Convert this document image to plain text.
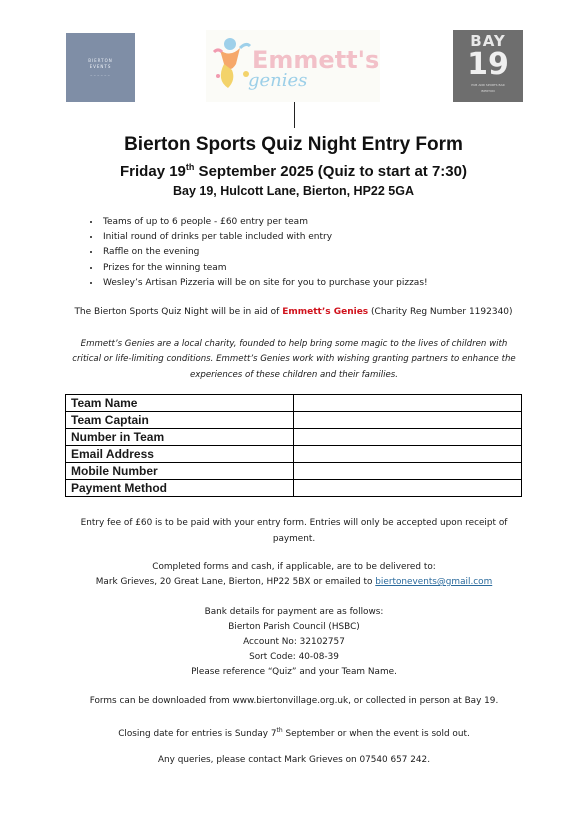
BIERTON
EVENTS
~~~~~~
Emmett's
genies
BAY
19
PUB AND SPORTS BAR
BIERTON
Bierton Sports Quiz Night Entry Form
Friday 19th September 2025 (Quiz to start at 7:30)
Bay 19, Hulcott Lane, Bierton, HP22 5GA
• Teams of up to 6 people - £60 entry per team
• Initial round of drinks per table included with entry
• Raffle on the evening
• Prizes for the winning team
• Wesley’s Artisan Pizzeria will be on site for you to purchase your pizzas!
The Bierton Sports Quiz Night will be in aid of Emmett’s Genies (Charity Reg Number 1192340)
Emmett’s Genies are a local charity, founded to help bring some magic to the lives of children with critical or life-limiting conditions. Emmett’s Genies work with wishing granting partners to enhance the experiences of these children and their families.
Team Name	
Team Captain	
Number in Team	
Email Address	
Mobile Number	
Payment Method	
Entry fee of £60 is to be paid with your entry form. Entries will only be accepted upon receipt of payment.
Completed forms and cash, if applicable, are to be delivered to:
Mark Grieves, 20 Great Lane, Bierton, HP22 5BX or emailed to biertonevents@gmail.com
Bank details for payment are as follows:
Bierton Parish Council (HSBC)
Account No: 32102757
Sort Code: 40-08-39
Please reference “Quiz” and your Team Name.
Forms can be downloaded from www.biertonvillage.org.uk, or collected in person at Bay 19.
Closing date for entries is Sunday 7th September or when the event is sold out.
Any queries, please contact Mark Grieves on 07540 657 242.
